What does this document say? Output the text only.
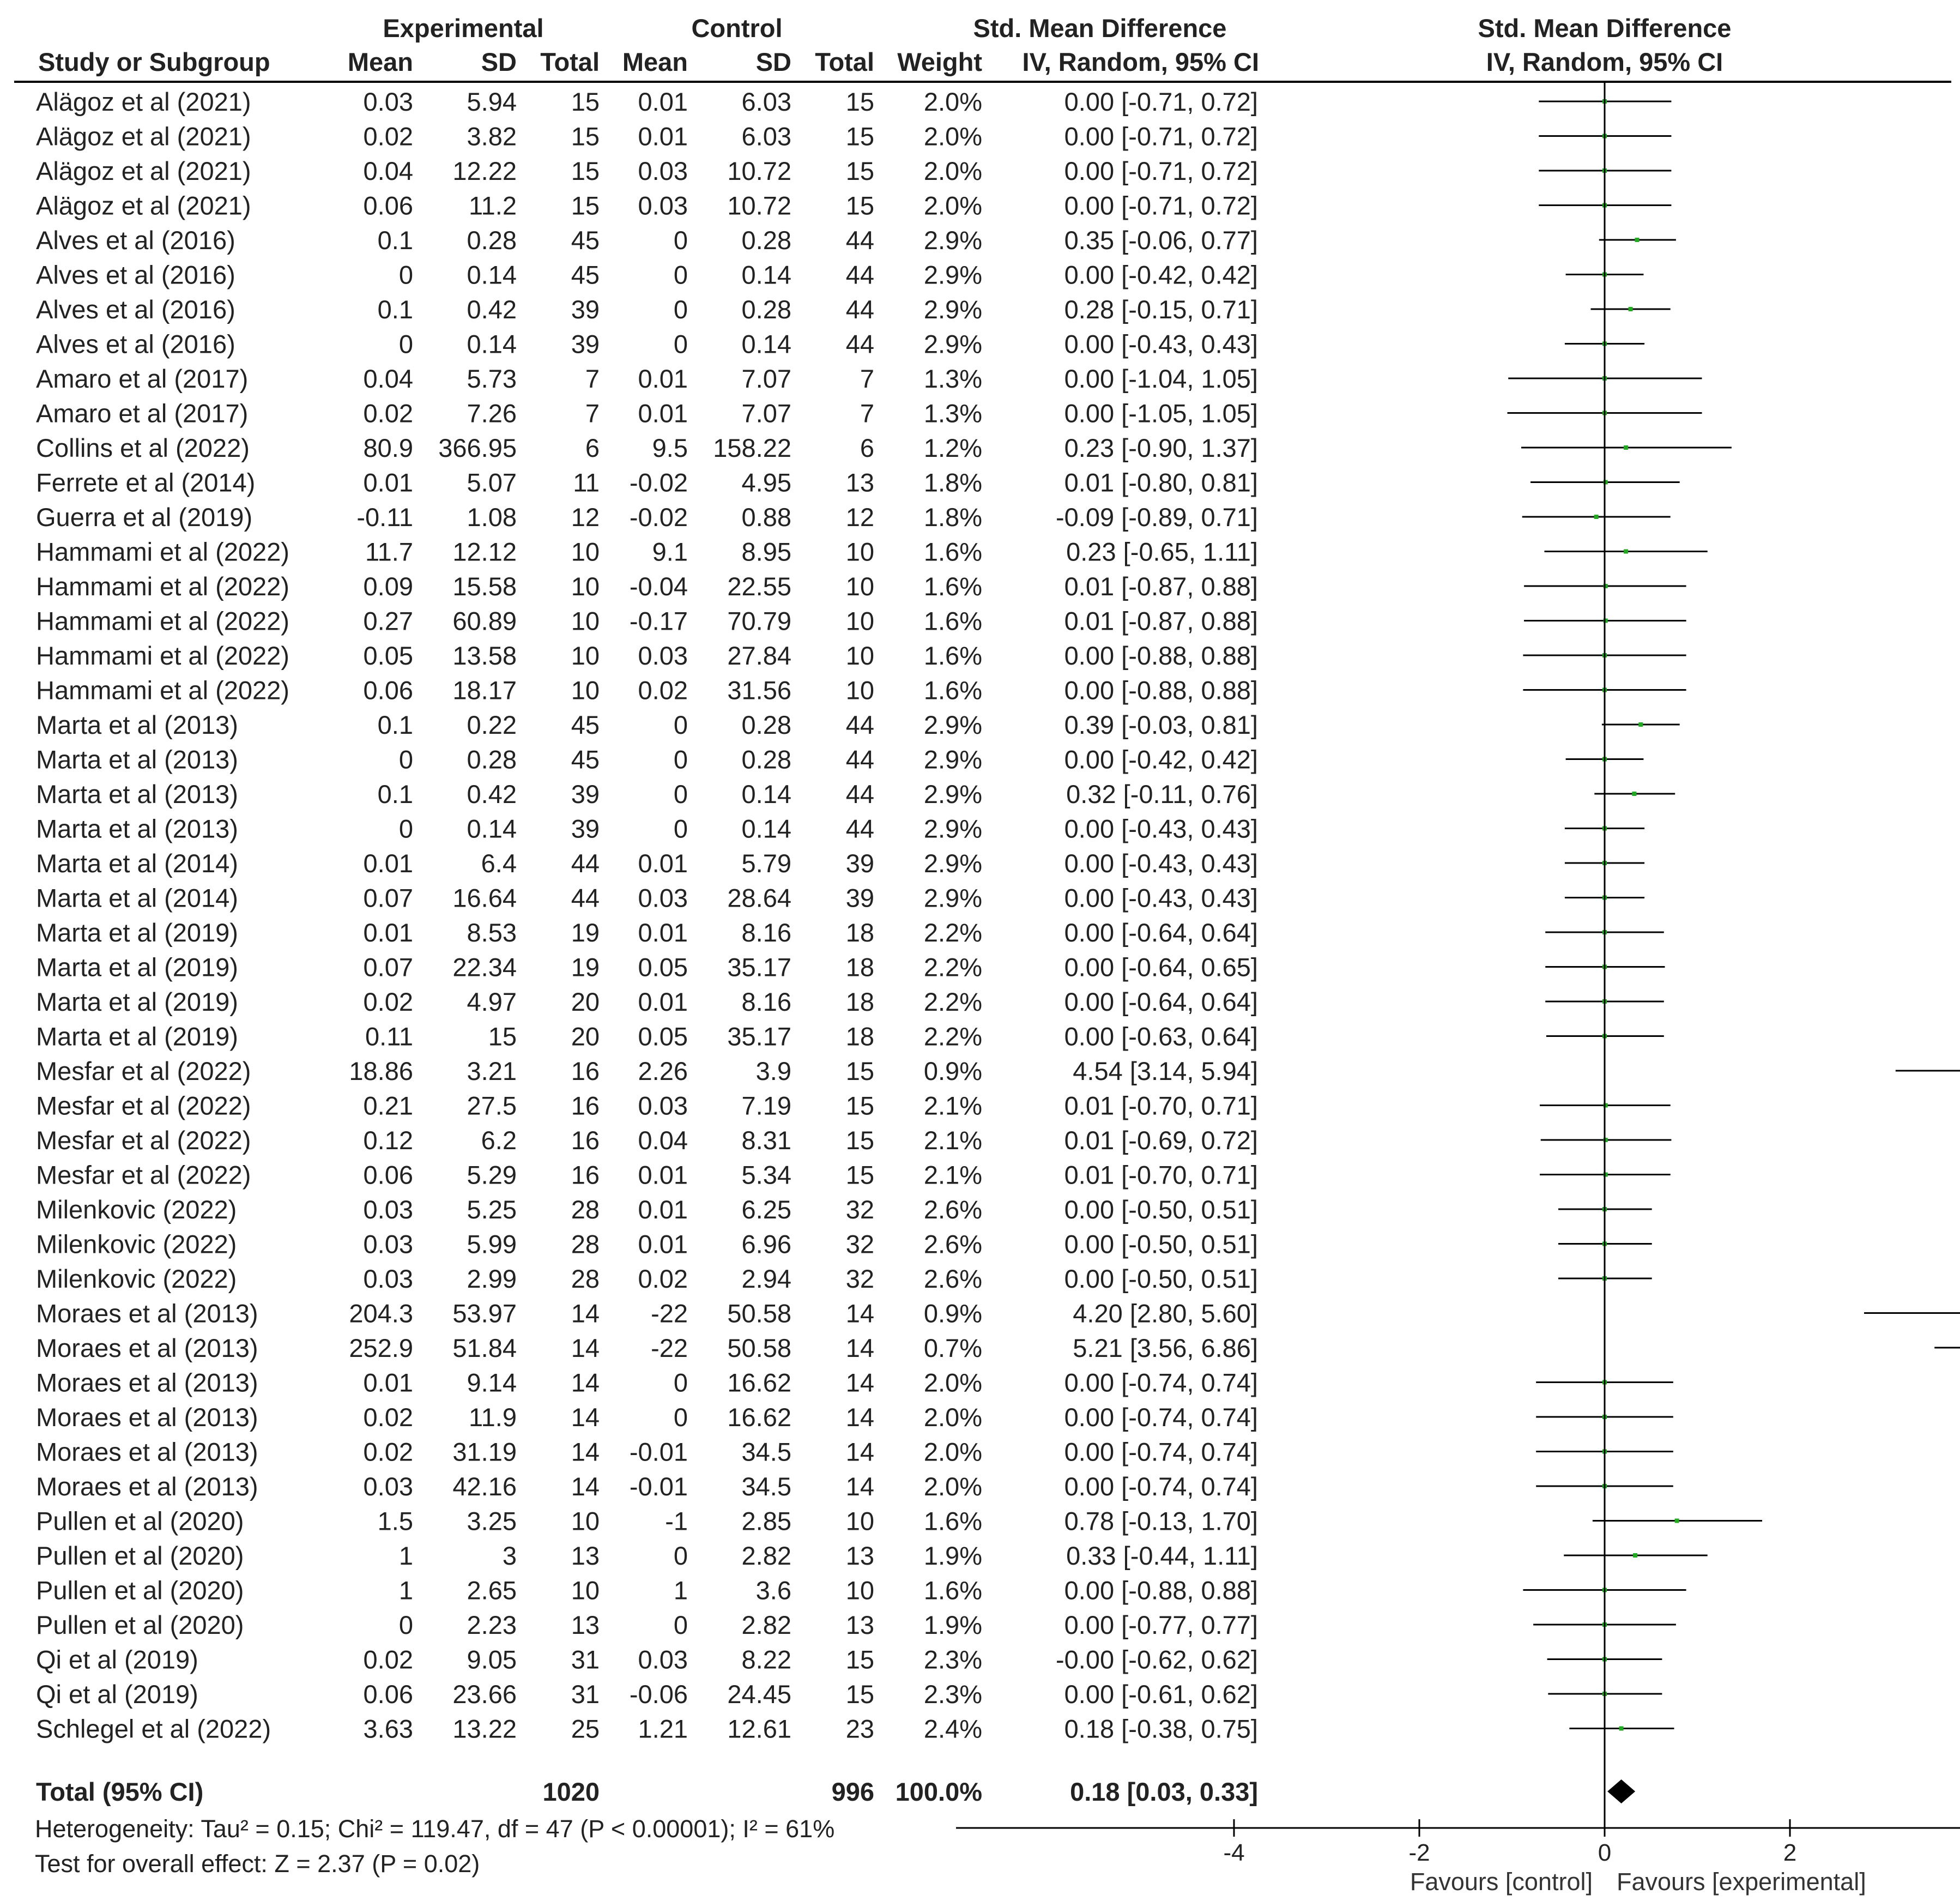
Experimental	Control	Std. Mean Difference	Std. Mean Difference
Study or Subgroup	Mean	SD Total Mean	SD Total Weight IV, Random, 95% CI	IV, Random, 95% CI
Alägoz et al (2021)	0.03 5.94 15 0.01 6.03 15 2.0%	0.00 [-0.71, 0.72]
Alägoz et al (2021)	0.02 3.82 15 0.01 6.03 15 2.0%	0.00 [-0.71, 0.72]
Alägoz et al (2021)	0.04 12.22 15 0.03 10.72 15 2.0%	0.00 [-0.71, 0.72]
Alägoz et al (2021)	0.06 11.2 15 0.03 10.72 15 2.0%	0.00 [-0.71, 0.72]
Alves et al (2016)	0.1 0.28 45	0 0.28 44 2.9%	0.35 [-0.06, 0.77]
Alves et al (2016)	0 0.14 45	0 0.14 44 2.9%	0.00 [-0.42, 0.42]
Alves et al (2016)	0.1 0.42 39	0 0.28 44 2.9%	0.28 [-0.15, 0.71]
Alves et al (2016)	0 0.14 39	0 0.14 44 2.9%	0.00 [-0.43, 0.43]
Amaro et al (2017)	0.04 5.73	7 0.01 7.07	7 1.3%	0.00 [-1.04, 1.05]
Amaro et al (2017)	0.02 7.26	7 0.01 7.07	7 1.3%	0.00 [-1.05, 1.05]
Collins et al (2022)	80.9 366.95	6 9.5 158.22	6 1.2%	0.23 [-0.90, 1.37]
Ferrete et al (2014)	0.01 5.07 11 -0.02 4.95 13 1.8%	0.01 [-0.80, 0.81]
Guerra et al (2019)	-0.11 1.08 12 -0.02 0.88 12 1.8%	-0.09 [-0.89, 0.71]
Hammami et al (2022)	11.7 12.12 10 9.1 8.95 10 1.6%	0.23 [-0.65, 1.11]
Hammami et al (2022)	0.09 15.58 10 -0.04 22.55 10 1.6%	0.01 [-0.87, 0.88]
Hammami et al (2022)	0.27 60.89 10 -0.17 70.79 10 1.6%	0.01 [-0.87, 0.88]
Hammami et al (2022)	0.05 13.58 10 0.03 27.84 10 1.6%	0.00 [-0.88, 0.88]
Hammami et al (2022)	0.06 18.17 10 0.02 31.56 10 1.6%	0.00 [-0.88, 0.88]
Marta et al (2013)	0.1 0.22 45	0 0.28 44 2.9%	0.39 [-0.03, 0.81]
Marta et al (2013)	0 0.28 45	0 0.28 44 2.9%	0.00 [-0.42, 0.42]
Marta et al (2013)	0.1 0.42 39	0 0.14 44 2.9%	0.32 [-0.11, 0.76]
Marta et al (2013)	0 0.14 39	0 0.14 44 2.9%	0.00 [-0.43, 0.43]
Marta et al (2014)	0.01	6.4 44 0.01 5.79 39 2.9%	0.00 [-0.43, 0.43]
Marta et al (2014)	0.07 16.64 44 0.03 28.64 39 2.9%	0.00 [-0.43, 0.43]
Marta et al (2019)	0.01 8.53 19 0.01 8.16 18 2.2%	0.00 [-0.64, 0.64]
Marta et al (2019)	0.07 22.34 19 0.05 35.17 18 2.2%	0.00 [-0.64, 0.65]
Marta et al (2019)	0.02 4.97 20 0.01 8.16 18 2.2%	0.00 [-0.64, 0.64]
Marta et al (2019)	0.11	15 20 0.05 35.17 18 2.2%	0.00 [-0.63, 0.64]
Mesfar et al (2022)	18.86 3.21 16 2.26	3.9 15 0.9%	4.54 [3.14, 5.94]
Mesfar et al (2022)	0.21 27.5 16 0.03 7.19 15 2.1%	0.01 [-0.70, 0.71]
Mesfar et al (2022)	0.12	6.2 16 0.04 8.31 15 2.1%	0.01 [-0.69, 0.72]
Mesfar et al (2022)	0.06 5.29 16 0.01 5.34 15 2.1%	0.01 [-0.70, 0.71]
Milenkovic (2022)	0.03 5.25 28 0.01 6.25 32 2.6%	0.00 [-0.50, 0.51]
Milenkovic (2022)	0.03 5.99 28 0.01 6.96 32 2.6%	0.00 [-0.50, 0.51]
Milenkovic (2022)	0.03 2.99 28 0.02 2.94 32 2.6%	0.00 [-0.50, 0.51]
Moraes et al (2013)	204.3 53.97 14 -22 50.58 14 0.9%	4.20 [2.80, 5.60]
Moraes et al (2013)	252.9 51.84 14 -22 50.58 14 0.7%	5.21 [3.56, 6.86]
Moraes et al (2013)	0.01 9.14 14	0 16.62 14 2.0%	0.00 [-0.74, 0.74]
Moraes et al (2013)	0.02 11.9 14	0 16.62 14 2.0%	0.00 [-0.74, 0.74]
Moraes et al (2013)	0.02 31.19 14 -0.01 34.5 14 2.0%	0.00 [-0.74, 0.74]
Moraes et al (2013)	0.03 42.16 14 -0.01 34.5 14 2.0%	0.00 [-0.74, 0.74]
Pullen et al (2020)	1.5 3.25 10	-1 2.85 10 1.6%	0.78 [-0.13, 1.70]
Pullen et al (2020)	1	3 13	0 2.82 13 1.9%	0.33 [-0.44, 1.11]
Pullen et al (2020)	1 2.65 10	1	3.6 10 1.6%	0.00 [-0.88, 0.88]
Pullen et al (2020)	0 2.23 13	0 2.82 13 1.9%	0.00 [-0.77, 0.77]
Qi et al (2019)	0.02 9.05 31 0.03 8.22 15 2.3%	-0.00 [-0.62, 0.62]
Qi et al (2019)	0.06 23.66 31 -0.06 24.45 15 2.3%	0.00 [-0.61, 0.62]
Schlegel et al (2022)	3.63 13.22 25 1.21 12.61 23 2.4%	0.18 [-0.38, 0.75]
-4	-2	0	2
Favours [control] Favours [experimental]
Total (95% CI)	1020	996 100.0%	0.18 [0.03, 0.33]
Heterogeneity: Tau² = 0.15; Chi² = 119.47, df = 47 (P < 0.00001); I² = 61%
Test for overall effect: Z = 2.37 (P = 0.02)
